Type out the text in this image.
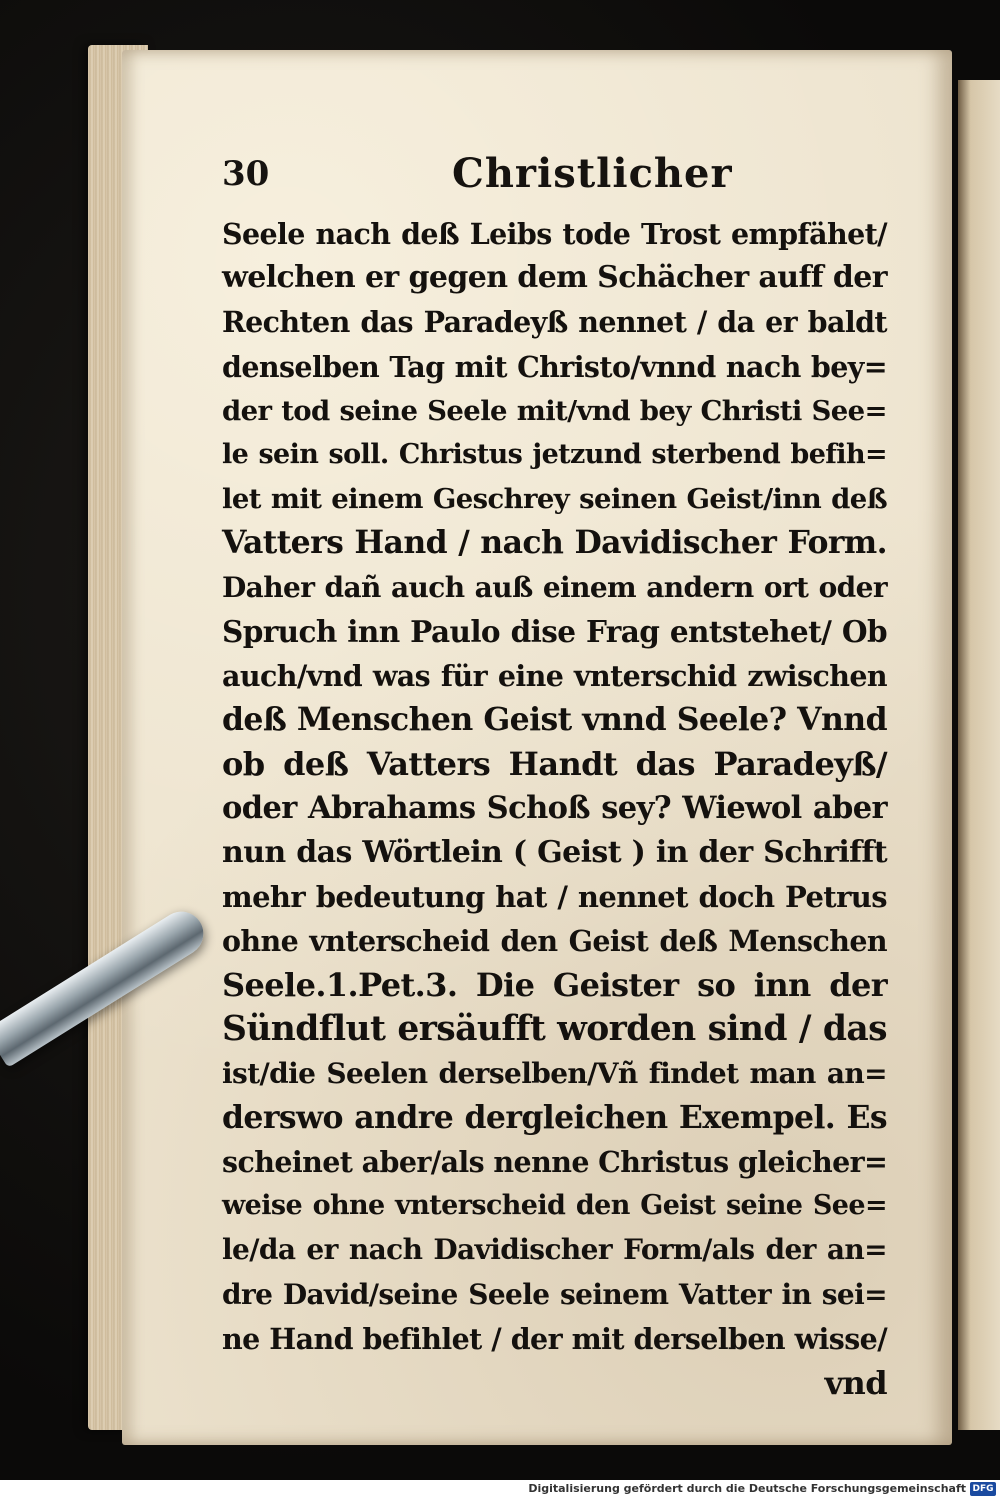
30	Christlicher
Seele nach deß Leibs tode Trost empfähet/
welchen er gegen dem Schächer auff der
Rechten das Paradeyß nennet / da er baldt
denselben Tag mit Christo/vnnd nach bey=
der tod seine Seele mit/vnd bey Christi See=
le sein soll. Christus jetzund sterbend befih=
let mit einem Geschrey seinen Geist/inn deß
Vatters Hand / nach Davidischer Form.
Daher dañ auch auß einem andern ort oder
Spruch inn Paulo dise Frag entstehet/ Ob
auch/vnd was für eine vnterschid zwischen
deß Menschen Geist vnnd Seele? Vnnd
ob deß Vatters Handt das Paradeyß/
oder Abrahams Schoß sey? Wiewol aber
nun das Wörtlein ( Geist ) in der Schrifft
mehr bedeutung hat / nennet doch Petrus
ohne vnterscheid den Geist deß Menschen
Seele.1.Pet.3. Die Geister so inn der
Sündflut ersäufft worden sind / das
ist/die Seelen derselben/Vñ findet man an=
derswo andre dergleichen Exempel. Es
scheinet aber/als nenne Christus gleicher=
weise ohne vnterscheid den Geist seine See=
le/da er nach Davidischer Form/als der an=
dre David/seine Seele seinem Vatter in sei=
ne Hand befihlet / der mit derselben wisse/
vnd
Digitalisierung gefördert durch die Deutsche Forschungsgemeinschaft DFG
